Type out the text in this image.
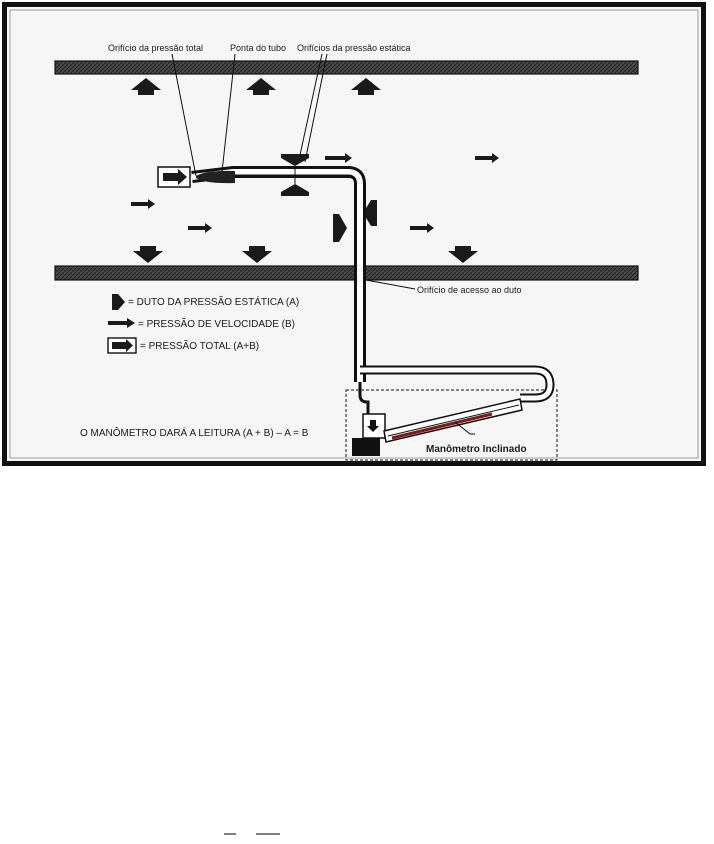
Orifício da pressão total	Ponta do tubo Orifícios da pressão estática
Orifício de acesso ao duto
Manômetro Inclinado
O MANÔMETRO DARÁ A LEITURA (A + B) – A = B
= DUTO DA PRESSÃO ESTÁTICA (A)
= PRESSÃO DE VELOCIDADE (B)
= PRESSÃO TOTAL (A+B)
